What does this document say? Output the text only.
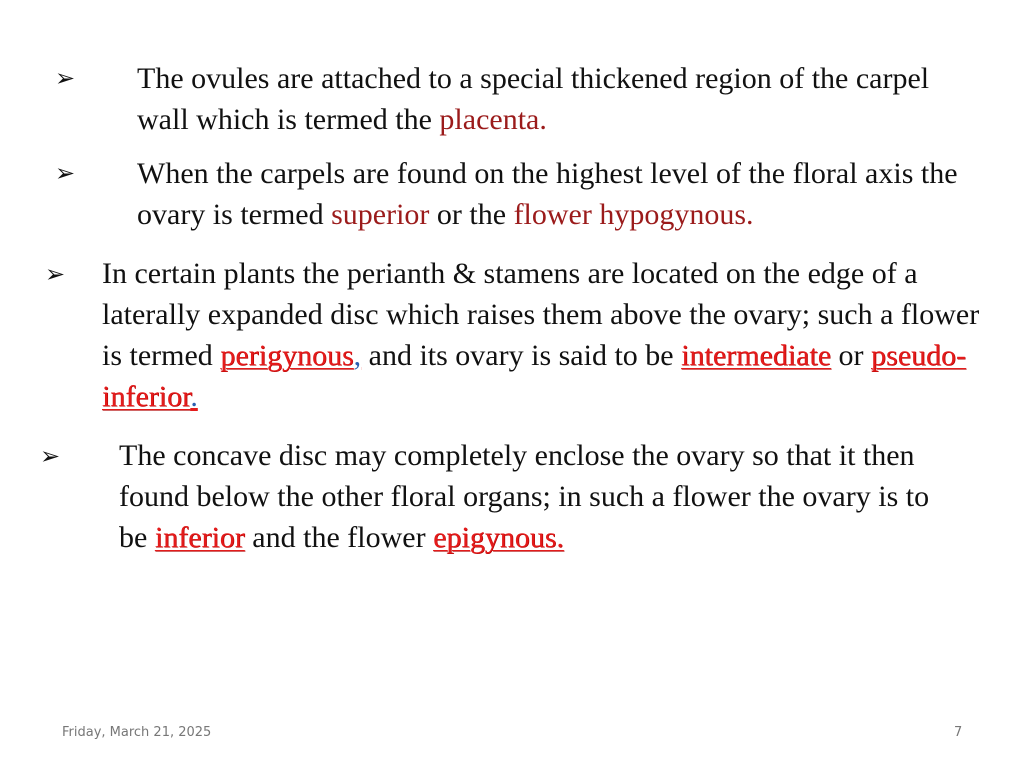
➢ The ovules are attached to a special thickened region of the carpel wall which is termed the placenta.
➢ When the carpels are found on the highest level of the floral axis the ovary is termed superior or the flower hypogynous.
➢ In certain plants the perianth & stamens are located on the edge of a laterally expanded disc which raises them above the ovary; such a flower is termed perigynous, and its ovary is said to be intermediate or pseudo-inferior.
➢ The concave disc may completely enclose the ovary so that it then found below the other floral organs; in such a flower the ovary is to be inferior and the flower epigynous.
Friday, March 21, 2025	7
